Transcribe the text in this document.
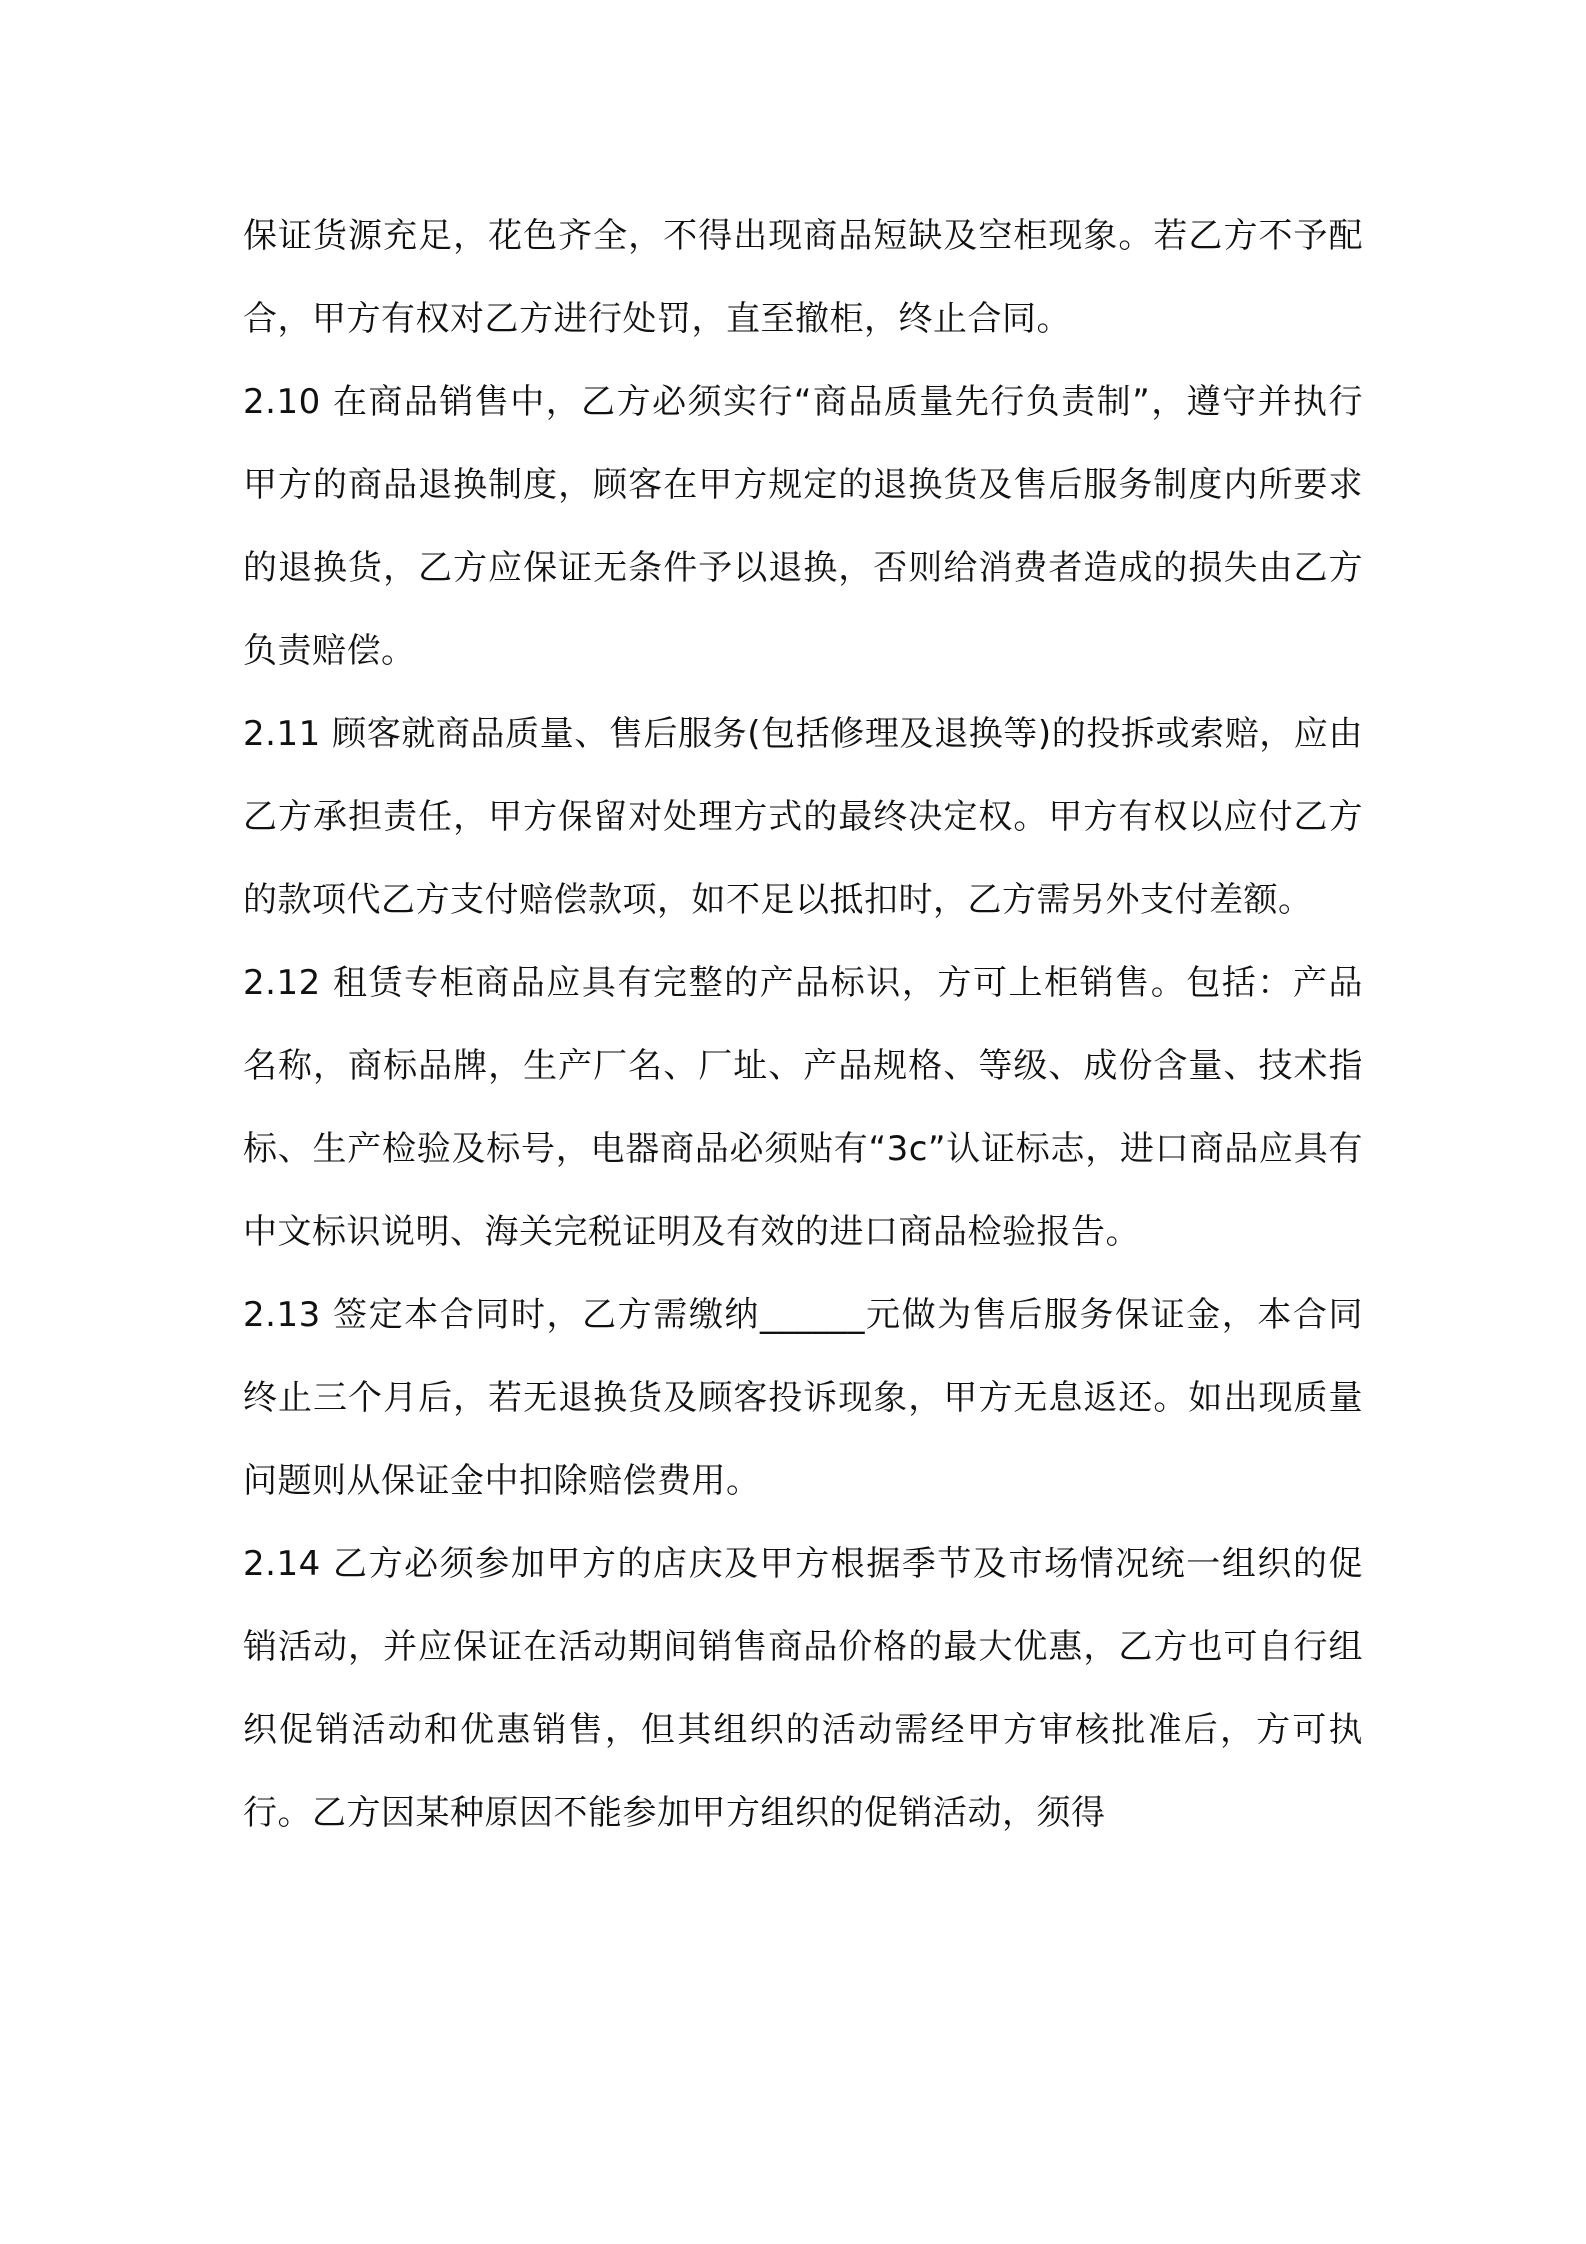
保证货源充足，花色齐全，不得出现商品短缺及空柜现象。若乙方不予配合，甲方有权对乙方进行处罚，直至撤柜，终止合同。

2.10 在商品销售中，乙方必须实行“商品质量先行负责制”，遵守并执行甲方的商品退换制度，顾客在甲方规定的退换货及售后服务制度内所要求的退换货，乙方应保证无条件予以退换，否则给消费者造成的损失由乙方负责赔偿。

2.11 顾客就商品质量、售后服务(包括修理及退换等)的投拆或索赔，应由乙方承担责任，甲方保留对处理方式的最终决定权。甲方有权以应付乙方的款项代乙方支付赔偿款项，如不足以抵扣时，乙方需另外支付差额。

2.12 租赁专柜商品应具有完整的产品标识，方可上柜销售。包括：产品名称，商标品牌，生产厂名、厂址、产品规格、等级、成份含量、技术指标、生产检验及标号，电器商品必须贴有“3c”认证标志，进口商品应具有中文标识说明、海关完税证明及有效的进口商品检验报告。

2.13 签定本合同时，乙方需缴纳______元做为售后服务保证金，本合同终止三个月后，若无退换货及顾客投诉现象，甲方无息返还。如出现质量问题则从保证金中扣除赔偿费用。

2.14 乙方必须参加甲方的店庆及甲方根据季节及市场情况统一组织的促销活动，并应保证在活动期间销售商品价格的最大优惠，乙方也可自行组织促销活动和优惠销售，但其组织的活动需经甲方审核批准后，方可执行。乙方因某种原因不能参加甲方组织的促销活动，须得
